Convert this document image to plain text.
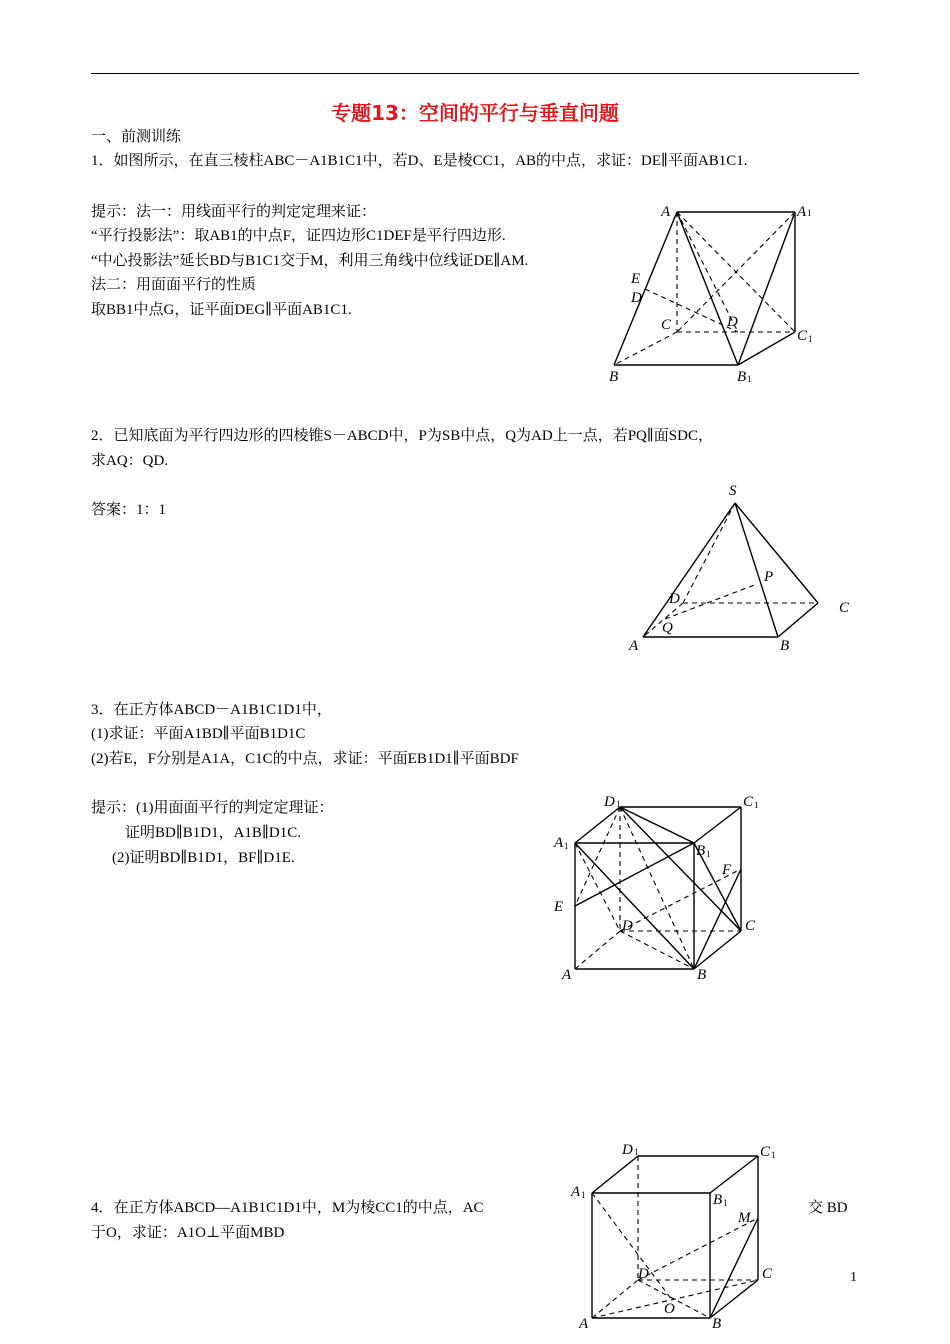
专题13：空间的平行与垂直问题
一、前测训练
1．如图所示，在直三棱柱ABC－A1B1C1中，若D、E是棱CC1，AB的中点，求证：DE∥平面AB1C1.
提示：法一：用线面平行的判定定理来证：
“平行投影法”：取AB1的中点F，证四边形C1DEF是平行四边形.
“中心投影法”延长BD与B1C1交于M，利用三角线中位线证DE∥AM.
法二：用面面平行的性质
取BB1中点G，证平面DEG∥平面AB1C1.
2．已知底面为平行四边形的四棱锥S－ABCD中，P为SB中点，Q为AD上一点，若PQ∥面SDC，
求AQ：QD.
答案：1：1
3．在正方体ABCD－A1B1C1D1中，
(1)求证：平面A1BD∥平面B1D1C
(2)若E，F分别是A1A，C1C的中点，求证：平面EB1D1∥平面BDF
提示：(1)用面面平行的判定定理证：
证明BD∥B1D1，A1B∥D1C.
(2)证明BD∥B1D1，BF∥D1E.
4．在正方体ABCD—A1B1C1D1中，M为棱CC1的中点，AC	交 BD
于O，求证：A1O⊥平面MBD
1
A	A 1
E
D
C	D
C 1
B	B 1
S
P
D
C
Q
A	B
D 1	C 1
A 1	B 1
F
E
D	C
A	B
D 1	C 1
A 1	B 1
M
D	C
O
A	B
